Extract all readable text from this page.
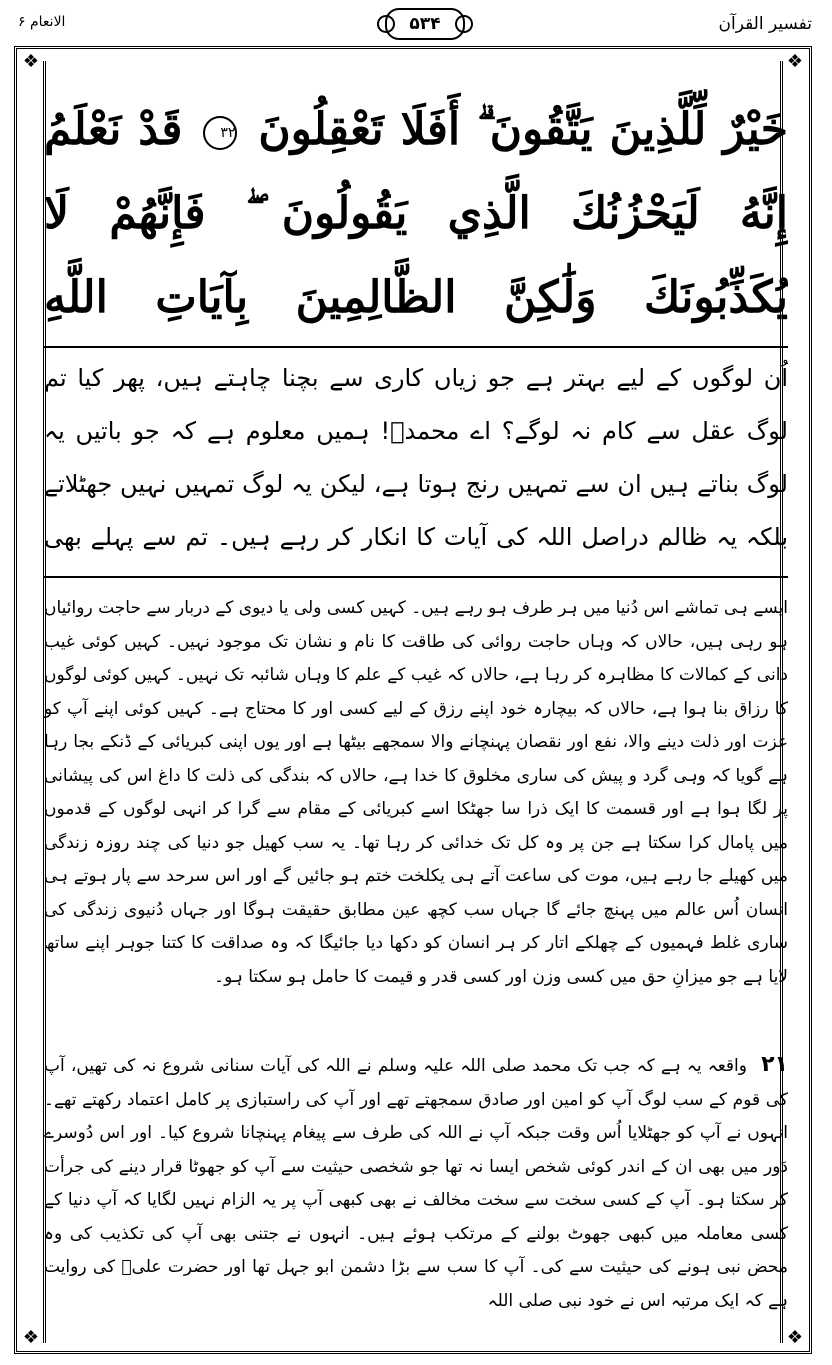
تفسیر القرآن
۵۳۴
الانعام ۶
❖	❖
❖	❖
خَيْرٌ لِّلَّذِينَ يَتَّقُونَ ۗ أَفَلَا تَعْقِلُونَ ٣٢ قَدْ نَعْلَمُ إِنَّهُ لَيَحْزُنُكَ الَّذِي يَقُولُونَ ۖ فَإِنَّهُمْ لَا يُكَذِّبُونَكَ وَلَٰكِنَّ الظَّالِمِينَ بِآيَاتِ اللَّهِ
اُن لوگوں کے لیے بہتر ہے جو زیاں کاری سے بچنا چاہتے ہیں، پھر کیا تم لوگ عقل سے کام نہ لوگے؟ اے محمدؐ! ہمیں معلوم ہے کہ جو باتیں یہ لوگ بناتے ہیں ان سے تمہیں رنج ہوتا ہے، لیکن یہ لوگ تمہیں نہیں جھٹلاتے بلکہ یہ ظالم دراصل اللہ کی آیات کا انکار کر رہے ہیں۔ تم سے پہلے بھی

ایسے ہی تماشے اس دُنیا میں ہر طرف ہو رہے ہیں۔ کہیں کسی ولی یا دیوی کے دربار سے حاجت روائیاں ہو رہی ہیں، حالاں کہ وہاں حاجت روائی کی طاقت کا نام و نشان تک موجود نہیں۔ کہیں کوئی غیب دانی کے کمالات کا مظاہرہ کر رہا ہے، حالاں کہ غیب کے علم کا وہاں شائبہ تک نہیں۔ کہیں کوئی لوگوں کا رزاق بنا ہوا ہے، حالاں کہ بیچارہ خود اپنے رزق کے لیے کسی اور کا محتاج ہے۔ کہیں کوئی اپنے آپ کو عزت اور ذلت دینے والا، نفع اور نقصان پہنچانے والا سمجھے بیٹھا ہے اور یوں اپنی کبریائی کے ڈنکے بجا رہا ہے گویا کہ وہی گرد و پیش کی ساری مخلوق کا خدا ہے، حالاں کہ بندگی کی ذلت کا داغ اس کی پیشانی پر لگا ہوا ہے اور قسمت کا ایک ذرا سا جھٹکا اسے کبریائی کے مقام سے گرا کر انہی لوگوں کے قدموں میں پامال کرا سکتا ہے جن پر وہ کل تک خدائی کر رہا تھا۔ یہ سب کھیل جو دنیا کی چند روزہ زندگی میں کھیلے جا رہے ہیں، موت کی ساعت آتے ہی یکلخت ختم ہو جائیں گے اور اس سرحد سے پار ہوتے ہی انسان اُس عالم میں پہنچ جائے گا جہاں سب کچھ عین مطابق حقیقت ہوگا اور جہاں دُنیوی زندگی کی ساری غلط فہمیوں کے چھلکے اتار کر ہر انسان کو دکھا دیا جائیگا کہ وہ صداقت کا کتنا جوہر اپنے ساتھ لایا ہے جو میزانِ حق میں کسی وزن اور کسی قدر و قیمت کا حامل ہو سکتا ہو۔

۲۱ واقعہ یہ ہے کہ جب تک محمد صلی اللہ علیہ وسلم نے اللہ کی آیات سنانی شروع نہ کی تھیں، آپ کی قوم کے سب لوگ آپ کو امین اور صادق سمجھتے تھے اور آپ کی راستبازی پر کامل اعتماد رکھتے تھے۔ انہوں نے آپ کو جھٹلایا اُس وقت جبکہ آپ نے اللہ کی طرف سے پیغام پہنچانا شروع کیا۔ اور اس دُوسرے دَور میں بھی ان کے اندر کوئی شخص ایسا نہ تھا جو شخصی حیثیت سے آپ کو جھوٹا قرار دینے کی جرأت کر سکتا ہو۔ آپ کے کسی سخت سے سخت مخالف نے بھی کبھی آپ پر یہ الزام نہیں لگایا کہ آپ دنیا کے کسی معاملہ میں کبھی جھوٹ بولنے کے مرتکب ہوئے ہیں۔ انہوں نے جتنی بھی آپ کی تکذیب کی وہ محض نبی ہونے کی حیثیت سے کی۔ آپ کا سب سے بڑا دشمن ابو جہل تھا اور حضرت علیؓ کی روایت ہے کہ ایک مرتبہ اس نے خود نبی صلی اللہ
